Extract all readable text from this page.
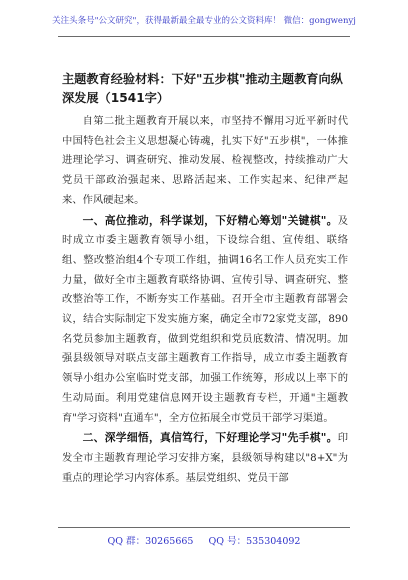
关注头条号"公文研究"，获得最新最全最专业的公文资料库！ 微信：gongwenyj
主题教育经验材料：下好"五步棋"推动主题教育向纵深发展（1541字）

自第二批主题教育开展以来，市坚持不懈用习近平新时代中国特色社会主义思想凝心铸魂，扎实下好"五步棋"，一体推进理论学习、调查研究、推动发展、检视整改，持续推动广大党员干部政治强起来、思路活起来、工作实起来、纪律严起来、作风硬起来。

一、高位推动，科学谋划，下好精心筹划"关键棋"。及时成立市委主题教育领导小组，下设综合组、宣传组、联络组、整改整治组4个专项工作组，抽调16名工作人员充实工作力量，做好全市主题教育联络协调、宣传引导、调查研究、整改整治等工作，不断夯实工作基础。召开全市主题教育部署会议，结合实际制定下发实施方案，确定全市72家党支部，890名党员参加主题教育，做到党组织和党员底数清、情况明。加强县级领导对联点支部主题教育工作指导，成立市委主题教育领导小组办公室临时党支部，加强工作统筹，形成以上率下的生动局面。利用党建信息网开设主题教育专栏，开通"主题教育"学习资料"直通车"，全方位拓展全市党员干部学习渠道。

二、深学细悟，真信笃行，下好理论学习"先手棋"。印发全市主题教育理论学习安排方案，县级领导构建以"8+X"为重点的理论学习内容体系。基层党组织、党员干部

QQ 群：30265665 QQ 号：535304092
